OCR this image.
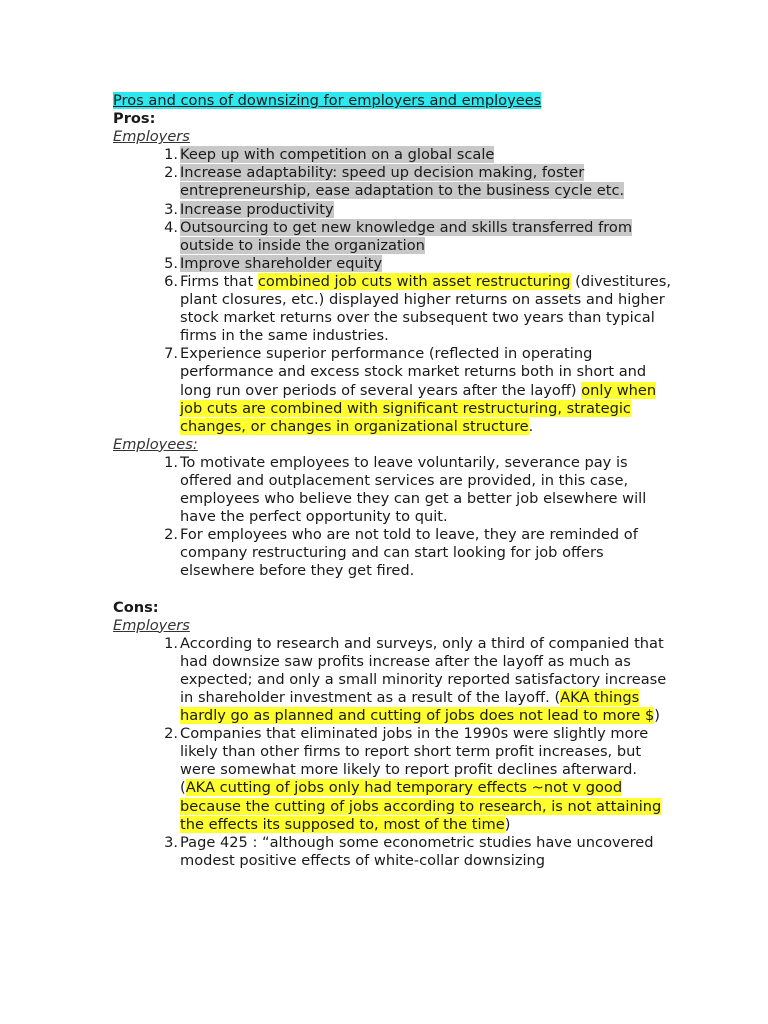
Pros and cons of downsizing for employers and employees
Pros:
Employers
1. Keep up with competition on a global scale
2. Increase adaptability: speed up decision making, foster entrepreneurship, ease adaptation to the business cycle etc.
3. Increase productivity
4. Outsourcing to get new knowledge and skills transferred from outside to inside the organization
5. Improve shareholder equity
6. Firms that combined job cuts with asset restructuring (divestitures, plant closures, etc.) displayed higher returns on assets and higher stock market returns over the subsequent two years than typical firms in the same industries.
7. Experience superior performance (reflected in operating performance and excess stock market returns both in short and long run over periods of several years after the layoff) only when job cuts are combined with significant restructuring, strategic changes, or changes in organizational structure.
Employees:
1. To motivate employees to leave voluntarily, severance pay is offered and outplacement services are provided, in this case, employees who believe they can get a better job elsewhere will have the perfect opportunity to quit.
2. For employees who are not told to leave, they are reminded of company restructuring and can start looking for job offers elsewhere before they get fired.
Cons:
Employers
1. According to research and surveys, only a third of companied that had downsize saw profits increase after the layoff as much as expected; and only a small minority reported satisfactory increase in shareholder investment as a result of the layoff. (AKA things hardly go as planned and cutting of jobs does not lead to more $)
2. Companies that eliminated jobs in the 1990s were slightly more likely than other firms to report short term profit increases, but were somewhat more likely to report profit declines afterward. (AKA cutting of jobs only had temporary effects ~not v good because the cutting of jobs according to research, is not attaining the effects its supposed to, most of the time)
3. Page 425 : “although some econometric studies have uncovered modest positive effects of white-collar downsizing
